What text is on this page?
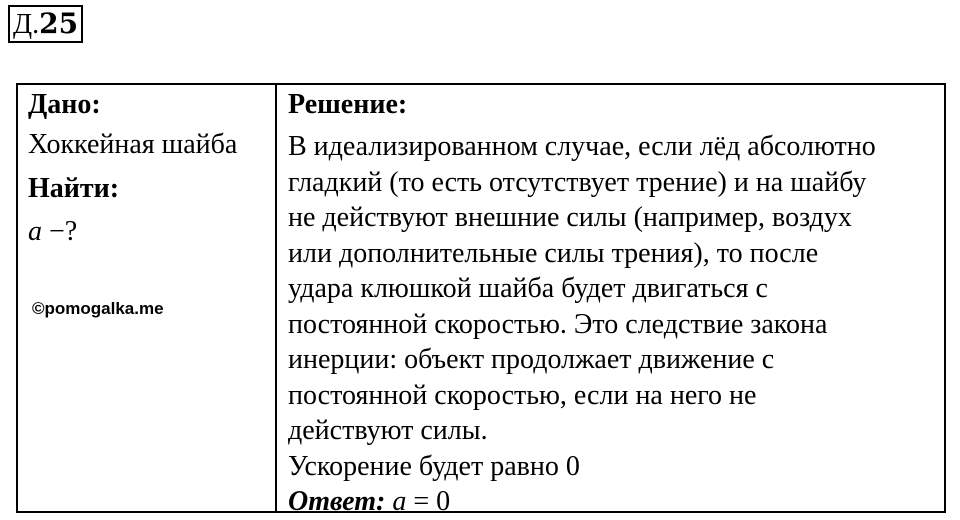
Д.25
Дано:
Хоккейная шайба
Найти:
a −?
©pomogalka.me
Решение:
В идеализированном случае, если лёд абсолютно
гладкий (то есть отсутствует трение) и на шайбу
не действуют внешние силы (например, воздух
или дополнительные силы трения), то после
удара клюшкой шайба будет двигаться с
постоянной скоростью. Это следствие закона
инерции: объект продолжает движение с
постоянной скоростью, если на него не
действуют силы.
Ускорение будет равно 0
Ответ: a = 0
